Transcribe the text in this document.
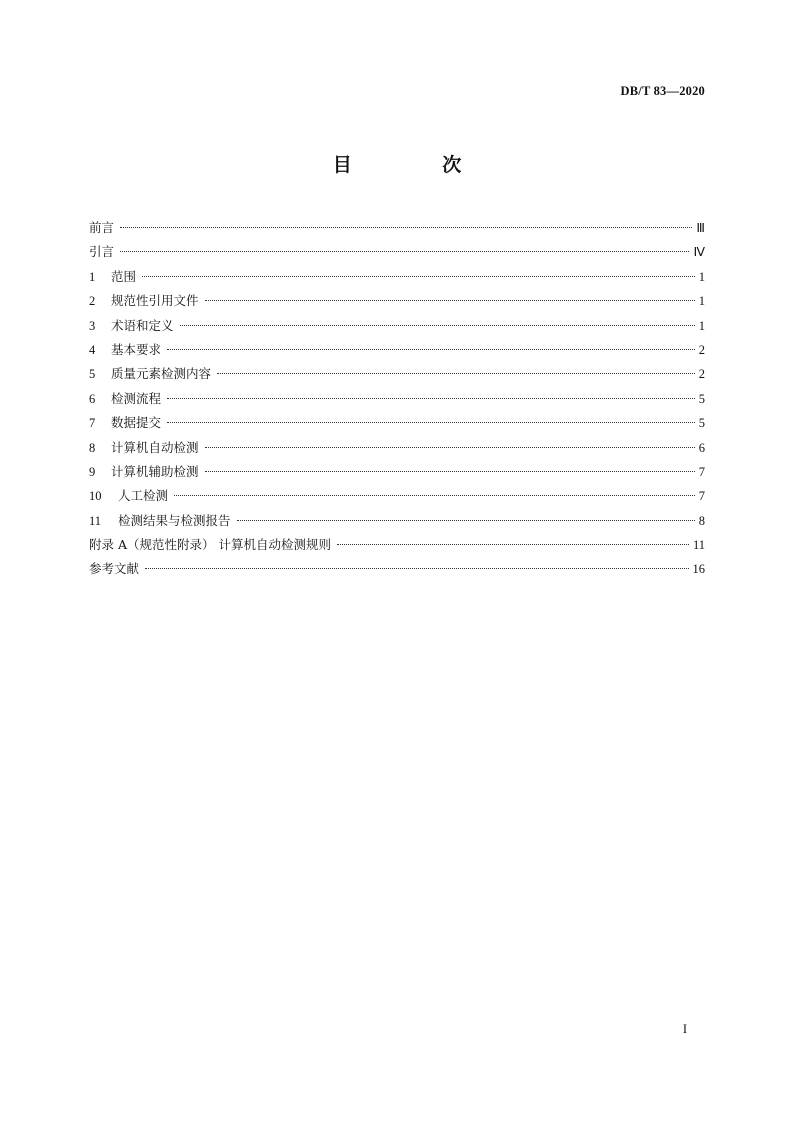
DB/T 83—2020
目 次
前言	Ⅲ
引言	Ⅳ
1	范围	1
2	规范性引用文件	1
3	术语和定义	1
4	基本要求	2
5	质量元素检测内容	2
6	检测流程	5
7	数据提交	5
8	计算机自动检测	6
9	计算机辅助检测	7
10	人工检测	7
11	检测结果与检测报告	8
附录 A（规范性附录） 计算机自动检测规则	11
参考文献	16
I
